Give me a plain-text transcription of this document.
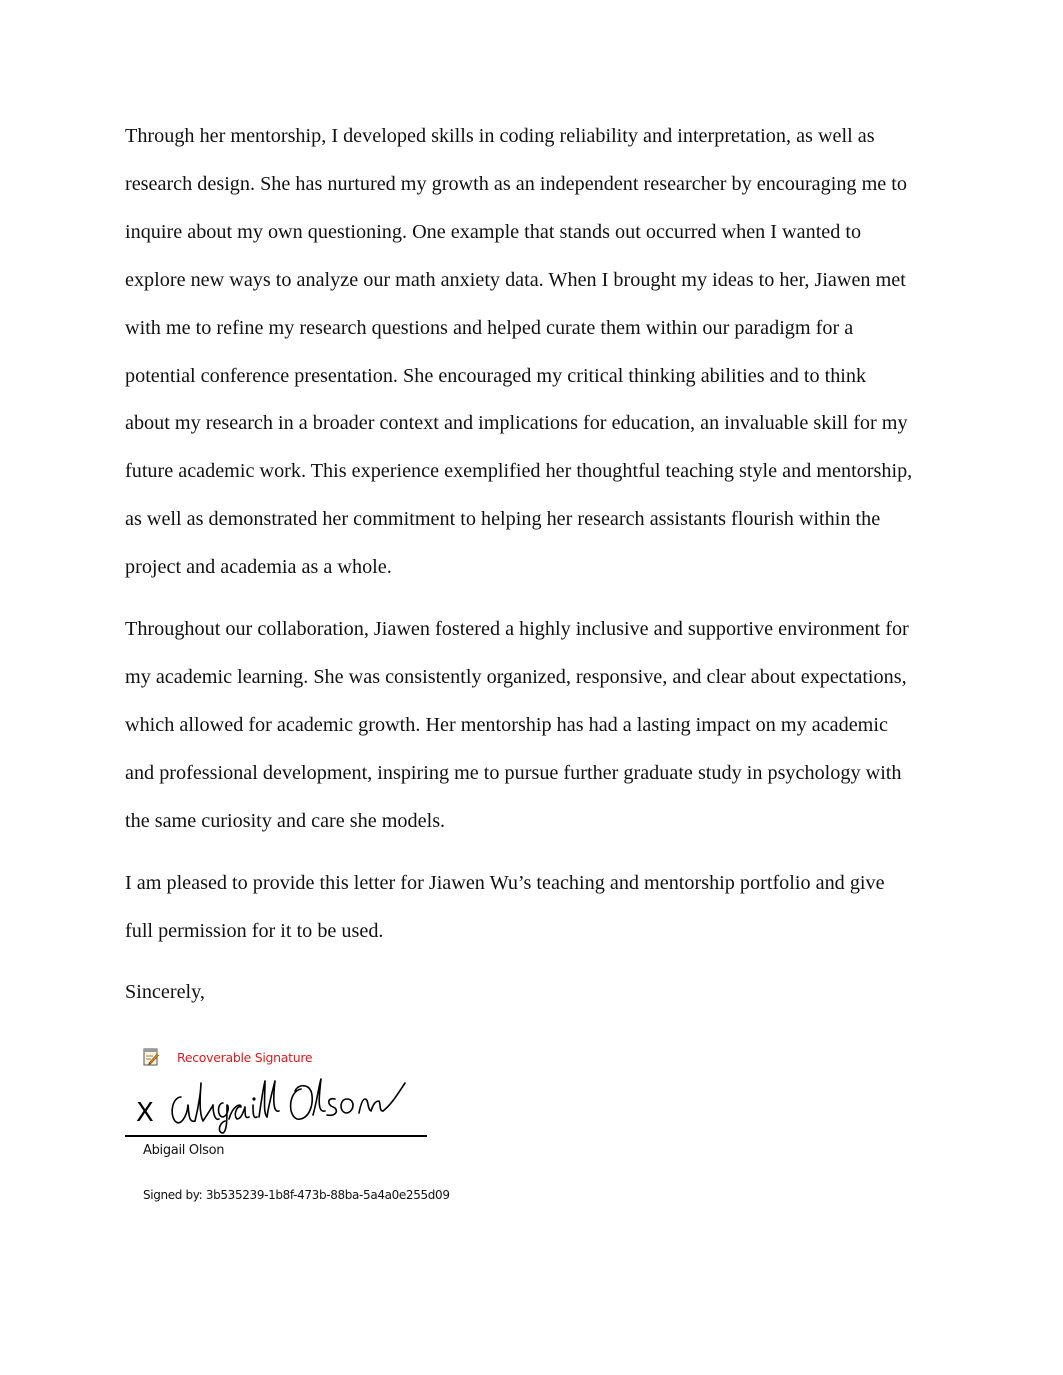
Through her mentorship, I developed skills in coding reliability and interpretation, as well as
research design. She has nurtured my growth as an independent researcher by encouraging me to
inquire about my own questioning. One example that stands out occurred when I wanted to
explore new ways to analyze our math anxiety data. When I brought my ideas to her, Jiawen met
with me to refine my research questions and helped curate them within our paradigm for a
potential conference presentation. She encouraged my critical thinking abilities and to think
about my research in a broader context and implications for education, an invaluable skill for my
future academic work. This experience exemplified her thoughtful teaching style and mentorship,
as well as demonstrated her commitment to helping her research assistants flourish within the
project and academia as a whole.

Throughout our collaboration, Jiawen fostered a highly inclusive and supportive environment for
my academic learning. She was consistently organized, responsive, and clear about expectations,
which allowed for academic growth. Her mentorship has had a lasting impact on my academic
and professional development, inspiring me to pursue further graduate study in psychology with
the same curiosity and care she models.

I am pleased to provide this letter for Jiawen Wu’s teaching and mentorship portfolio and give
full permission for it to be used.

Sincerely,

Recoverable Signature
X
Abigail Olson
Signed by: 3b535239-1b8f-473b-88ba-5a4a0e255d09
